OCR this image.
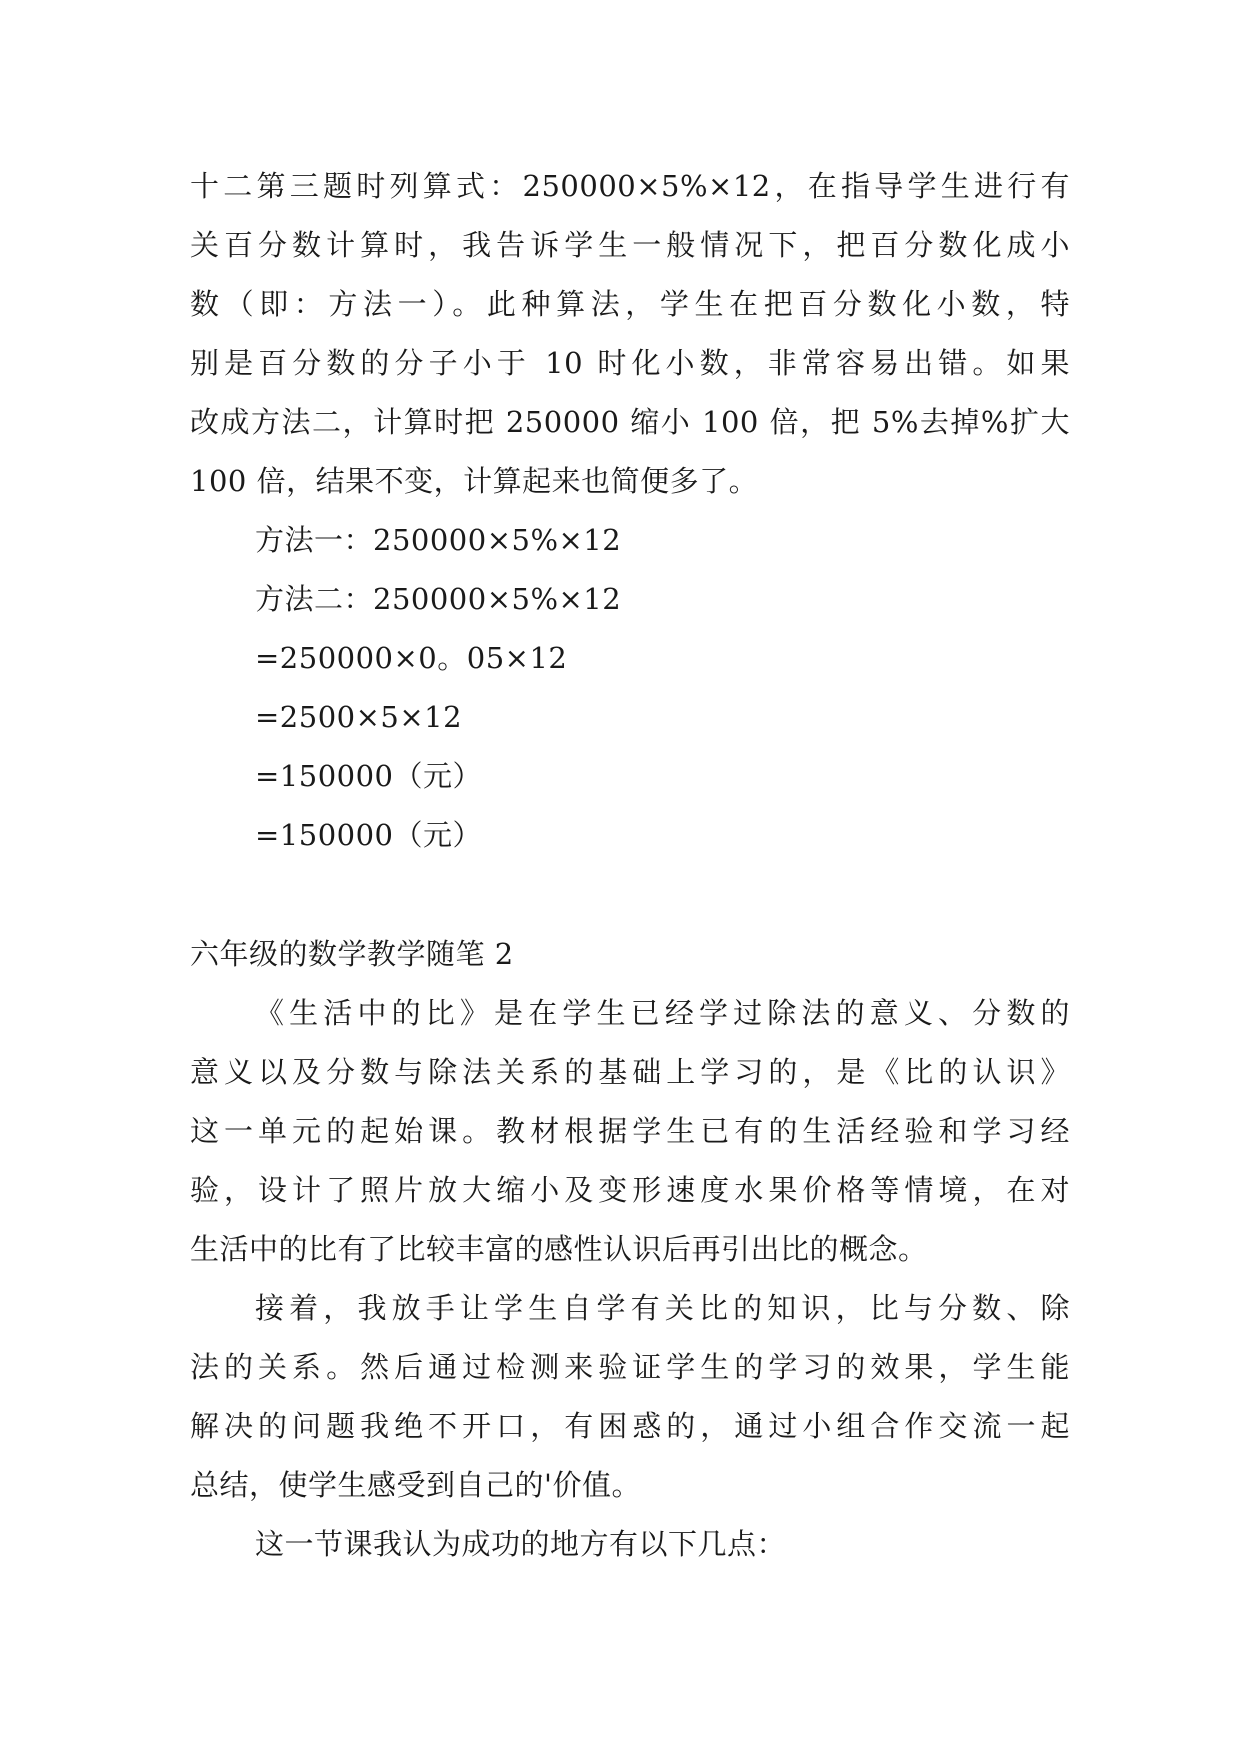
十二第三题时列算式：250000×5%×12，在指导学生进行有
关百分数计算时，我告诉学生一般情况下，把百分数化成小
数（即：方法一）。此种算法，学生在把百分数化小数，特
别是百分数的分子小于 10 时化小数，非常容易出错。如果
改成方法二，计算时把 250000 缩小 100 倍，把 5%去掉%扩大
100 倍，结果不变，计算起来也简便多了。
方法一：250000×5%×12
方法二：250000×5%×12
=250000×0。05×12
=2500×5×12
=150000（元）
=150000（元）
六年级的数学教学随笔 2
《生活中的比》是在学生已经学过除法的意义、分数的
意义以及分数与除法关系的基础上学习的，是《比的认识》
这一单元的起始课。教材根据学生已有的生活经验和学习经
验，设计了照片放大缩小及变形速度水果价格等情境，在对
生活中的比有了比较丰富的感性认识后再引出比的概念。
接着，我放手让学生自学有关比的知识，比与分数、除
法的关系。然后通过检测来验证学生的学习的效果，学生能
解决的问题我绝不开口，有困惑的，通过小组合作交流一起
总结，使学生感受到自己的'价值。
这一节课我认为成功的地方有以下几点：
